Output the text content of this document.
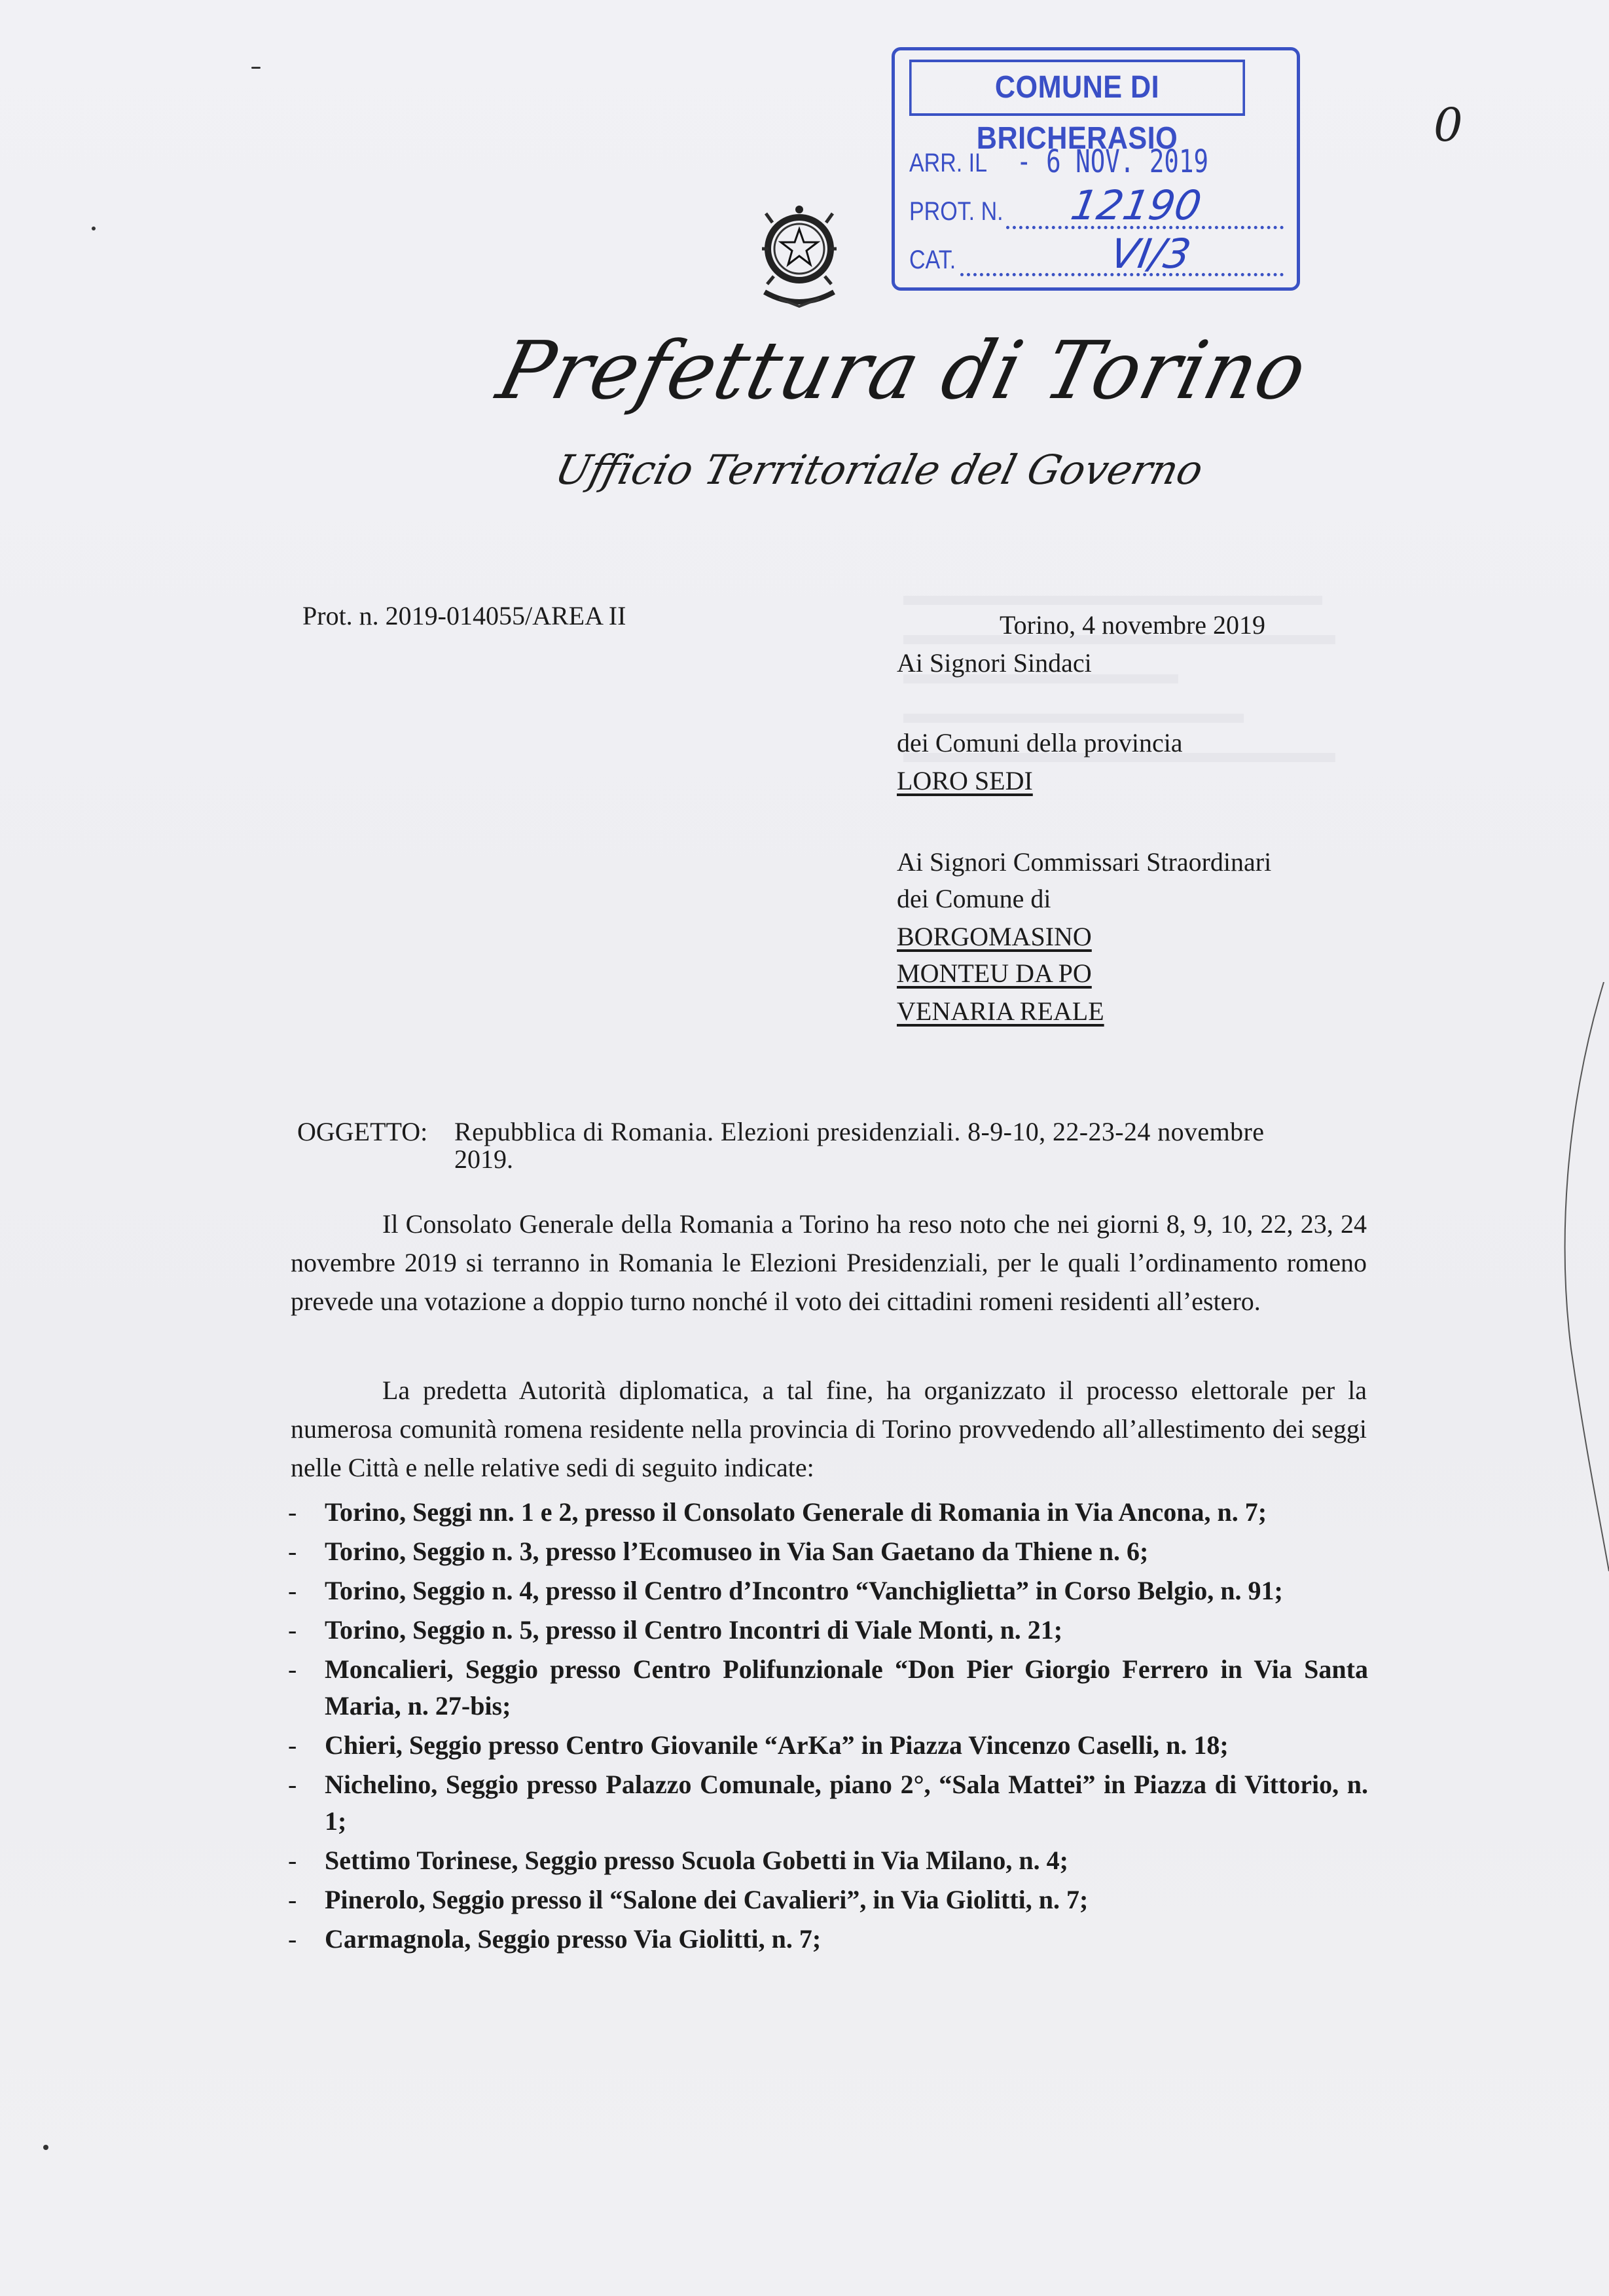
COMUNE DI BRICHERASIO
ARR. IL - 6 NOV. 2019
PROT. N. 12190
CAT.	VI/3
0
Prefettura di Torino
Ufficio Territoriale del Governo
Prot. n. 2019-014055/AREA II	Torino, 4 novembre 2019
Ai Signori Sindaci
dei Comuni della provincia
LORO SEDI
Ai Signori Commissari Straordinari
dei Comune di
BORGOMASINO
MONTEU DA PO
VENARIA REALE
OGGETTO: Repubblica di Romania. Elezioni presidenziali. 8-9-10, 22-23-24 novembre
2019.

Il Consolato Generale della Romania a Torino ha reso noto che nei giorni 8, 9, 10, 22, 23, 24 novembre 2019 si terranno in Romania le Elezioni Presidenziali, per le quali l’ordinamento romeno prevede una votazione a doppio turno nonché il voto dei cittadini romeni residenti all’estero.

La predetta Autorità diplomatica, a tal fine, ha organizzato il processo elettorale per la numerosa comunità romena residente nella provincia di Torino provvedendo all’allestimento dei seggi nelle Città e nelle relative sedi di seguito indicate:

- Torino, Seggi nn. 1 e 2, presso il Consolato Generale di Romania in Via Ancona, n. 7;
- Torino, Seggio n. 3, presso l’Ecomuseo in Via San Gaetano da Thiene n. 6;
- Torino, Seggio n. 4, presso il Centro d’Incontro “Vanchiglietta” in Corso Belgio, n. 91;
- Torino, Seggio n. 5, presso il Centro Incontri di Viale Monti, n. 21;
- Moncalieri, Seggio presso Centro Polifunzionale “Don Pier Giorgio Ferrero in Via Santa Maria, n. 27-bis;
- Chieri, Seggio presso Centro Giovanile “ArKa” in Piazza Vincenzo Caselli, n. 18;
- Nichelino, Seggio presso Palazzo Comunale, piano 2°, “Sala Mattei” in Piazza di Vittorio, n. 1;
- Settimo Torinese, Seggio presso Scuola Gobetti in Via Milano, n. 4;
- Pinerolo, Seggio presso il “Salone dei Cavalieri”, in Via Giolitti, n. 7;
- Carmagnola, Seggio presso Via Giolitti, n. 7;
